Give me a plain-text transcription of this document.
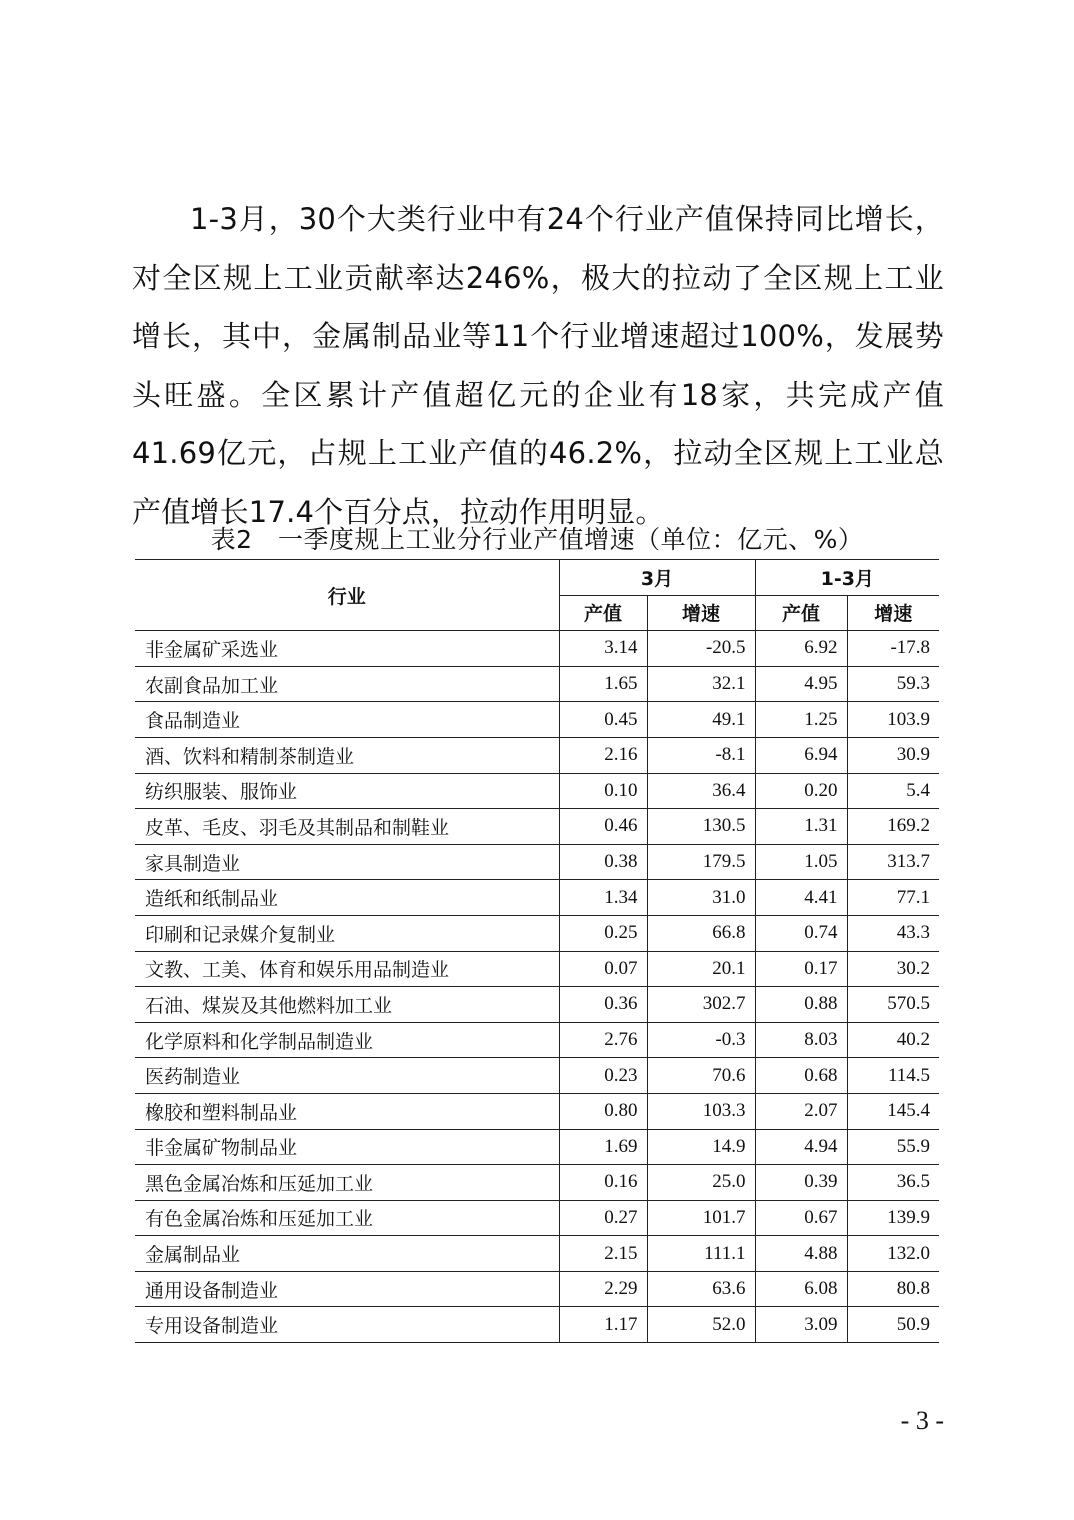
1-3月，30个大类行业中有24个行业产值保持同比增长，对全区规上工业贡献率达246%，极大的拉动了全区规上工业增长，其中，金属制品业等11个行业增速超过100%，发展势头旺盛。全区累计产值超亿元的企业有18家，共完成产值41.69亿元，占规上工业产值的46.2%，拉动全区规上工业总产值增长17.4个百分点，拉动作用明显。

表2　一季度规上工业分行业产值增速（单位：亿元、%）
行业	3月		1-3月	
	产值	增速	产值	增速
非金属矿采选业	3.14	-20.5	6.92	-17.8
农副食品加工业	1.65	32.1	4.95	59.3
食品制造业	0.45	49.1	1.25	103.9
酒、饮料和精制茶制造业	2.16	-8.1	6.94	30.9
纺织服装、服饰业	0.10	36.4	0.20	5.4
皮革、毛皮、羽毛及其制品和制鞋业	0.46	130.5	1.31	169.2
家具制造业	0.38	179.5	1.05	313.7
造纸和纸制品业	1.34	31.0	4.41	77.1
印刷和记录媒介复制业	0.25	66.8	0.74	43.3
文教、工美、体育和娱乐用品制造业	0.07	20.1	0.17	30.2
石油、煤炭及其他燃料加工业	0.36	302.7	0.88	570.5
化学原料和化学制品制造业	2.76	-0.3	8.03	40.2
医药制造业	0.23	70.6	0.68	114.5
橡胶和塑料制品业	0.80	103.3	2.07	145.4
非金属矿物制品业	1.69	14.9	4.94	55.9
黑色金属冶炼和压延加工业	0.16	25.0	0.39	36.5
有色金属冶炼和压延加工业	0.27	101.7	0.67	139.9
金属制品业	2.15	111.1	4.88	132.0
通用设备制造业	2.29	63.6	6.08	80.8
专用设备制造业	1.17	52.0	3.09	50.9
- 3 -
